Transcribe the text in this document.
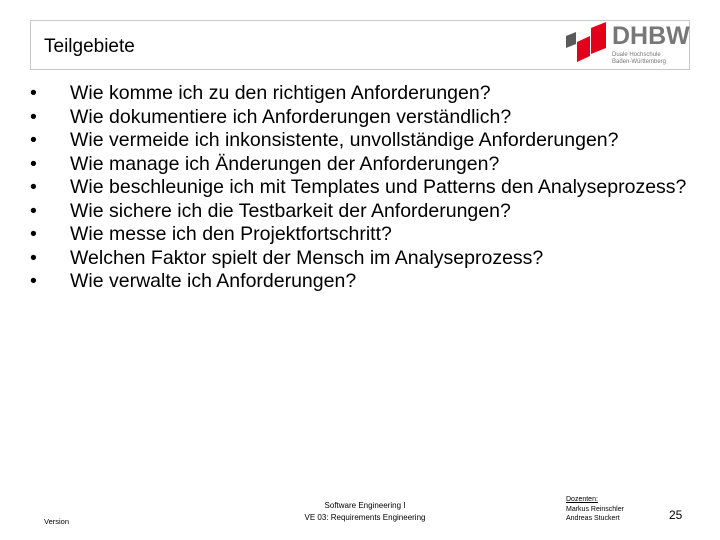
Teilgebiete	DHBW
Duale Hochschule
Baden-Württemberg
•	Wie komme ich zu den richtigen Anforderungen?
•	Wie dokumentiere ich Anforderungen verständlich?
•	Wie vermeide ich inkonsistente, unvollständige Anforderungen?
•	Wie manage ich Änderungen der Anforderungen?
•	Wie beschleunige ich mit Templates und Patterns den Analyseprozess?
•	Wie sichere ich die Testbarkeit der Anforderungen?
•	Wie messe ich den Projektfortschritt?
•	Welchen Faktor spielt der Mensch im Analyseprozess?
•	Wie verwalte ich Anforderungen?
Version
Software Engineering I
VE 03: Requirements Engineering
Dozenten:
Markus Reinschler
Andreas Stuckert	25
